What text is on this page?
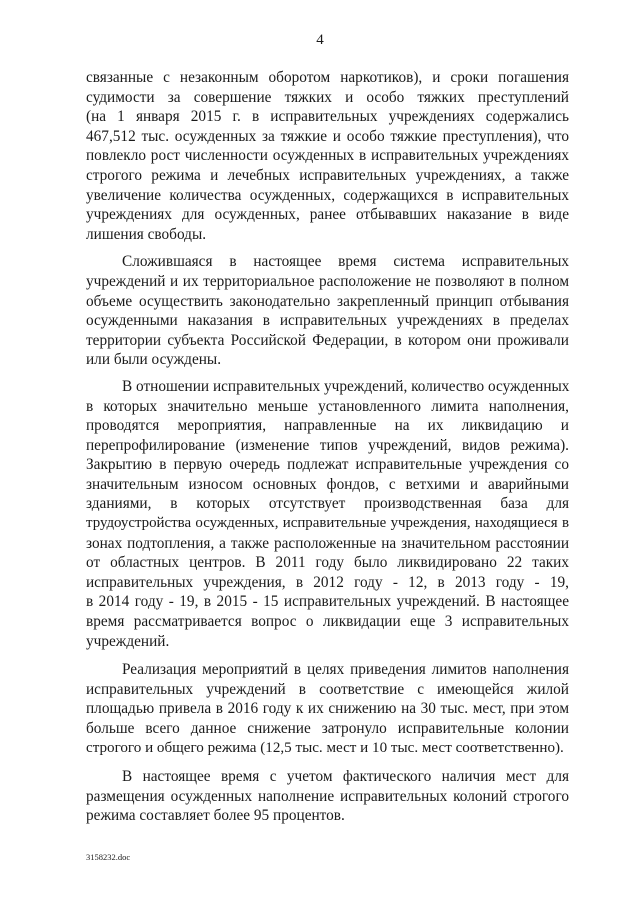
4
связанные с незаконным оборотом наркотиков), и сроки погашения
судимости за совершение тяжких и особо тяжких преступлений
(на 1 января 2015 г. в исправительных учреждениях содержались
467,512 тыс. осужденных за тяжкие и особо тяжкие преступления), что
повлекло рост численности осужденных в исправительных учреждениях
строгого режима и лечебных исправительных учреждениях, а также
увеличение количества осужденных, содержащихся в исправительных
учреждениях для осужденных, ранее отбывавших наказание в виде
лишения свободы.
Сложившаяся в настоящее время система исправительных
учреждений и их территориальное расположение не позволяют в полном
объеме осуществить законодательно закрепленный принцип отбывания
осужденными наказания в исправительных учреждениях в пределах
территории субъекта Российской Федерации, в котором они проживали
или были осуждены.
В отношении исправительных учреждений, количество осужденных
в которых значительно меньше установленного лимита наполнения,
проводятся мероприятия, направленные на их ликвидацию и
перепрофилирование (изменение типов учреждений, видов режима).
Закрытию в первую очередь подлежат исправительные учреждения со
значительным износом основных фондов, с ветхими и аварийными
зданиями, в которых отсутствует производственная база для
трудоустройства осужденных, исправительные учреждения, находящиеся в
зонах подтопления, а также расположенные на значительном расстоянии
от областных центров. В 2011 году было ликвидировано 22 таких
исправительных учреждения, в 2012 году - 12, в 2013 году - 19,
в 2014 году - 19, в 2015 - 15 исправительных учреждений. В настоящее
время рассматривается вопрос о ликвидации еще 3 исправительных
учреждений.
Реализация мероприятий в целях приведения лимитов наполнения
исправительных учреждений в соответствие с имеющейся жилой
площадью привела в 2016 году к их снижению на 30 тыс. мест, при этом
больше всего данное снижение затронуло исправительные колонии
строгого и общего режима (12,5 тыс. мест и 10 тыс. мест соответственно).
В настоящее время с учетом фактического наличия мест для
размещения осужденных наполнение исправительных колоний строгого
режима составляет более 95 процентов.
3158232.doc
